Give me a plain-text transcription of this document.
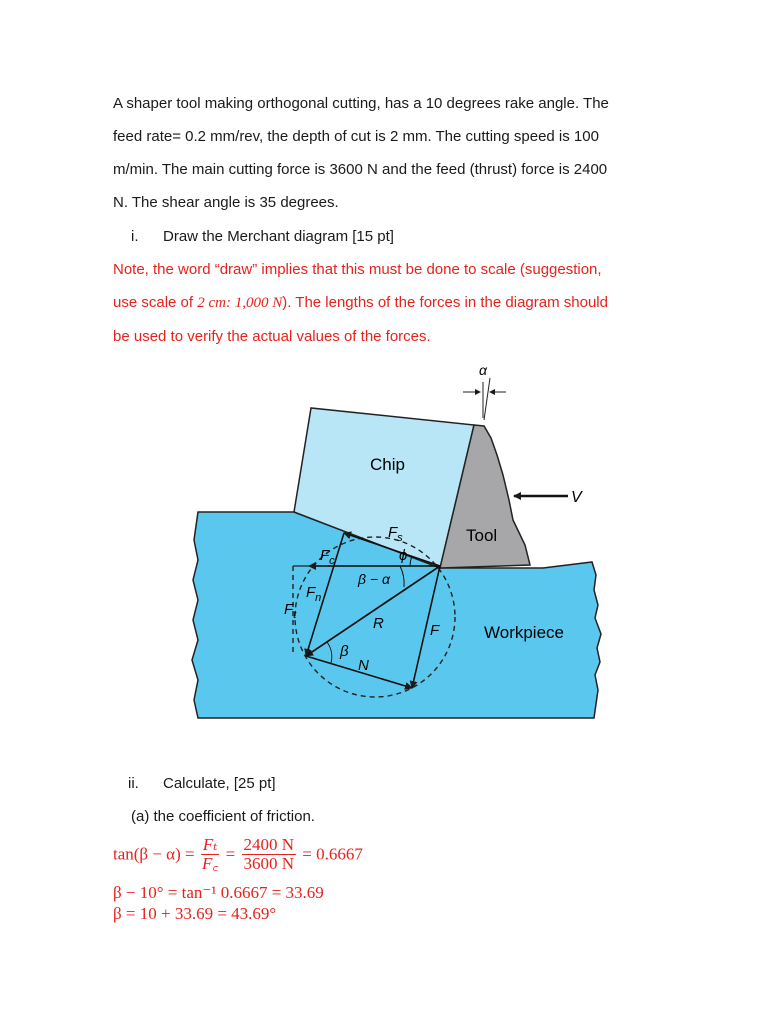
A shaper tool making orthogonal cutting, has a 10 degrees rake angle. The
feed rate= 0.2 mm/rev, the depth of cut is 2 mm. The cutting speed is 100
m/min. The main cutting force is 3600 N and the feed (thrust) force is 2400
N. The shear angle is 35 degrees.
i. Draw the Merchant diagram [15 pt]
Note, the word “draw” implies that this must be done to scale (suggestion,
use scale of 2 cm: 1,000 N). The lengths of the forces in the diagram should
be used to verify the actual values of the forces.
α
V
Chip
Tool
Workpiece
$F_s$
$F_c$
$F_n$
$F_t$
ϕ
β − α
R	F
β
N
ii. Calculate, [25 pt]
(a) the coefficient of friction.
$\tan(\beta - \alpha) = \frac{\text{Fₜ}}{F꜀} = \frac{2400 N}{3600 N} = 0.6667$
β − 10° = tan⁻¹ 0.6667 = 33.69
β = 10 + 33.69 = 43.69°
